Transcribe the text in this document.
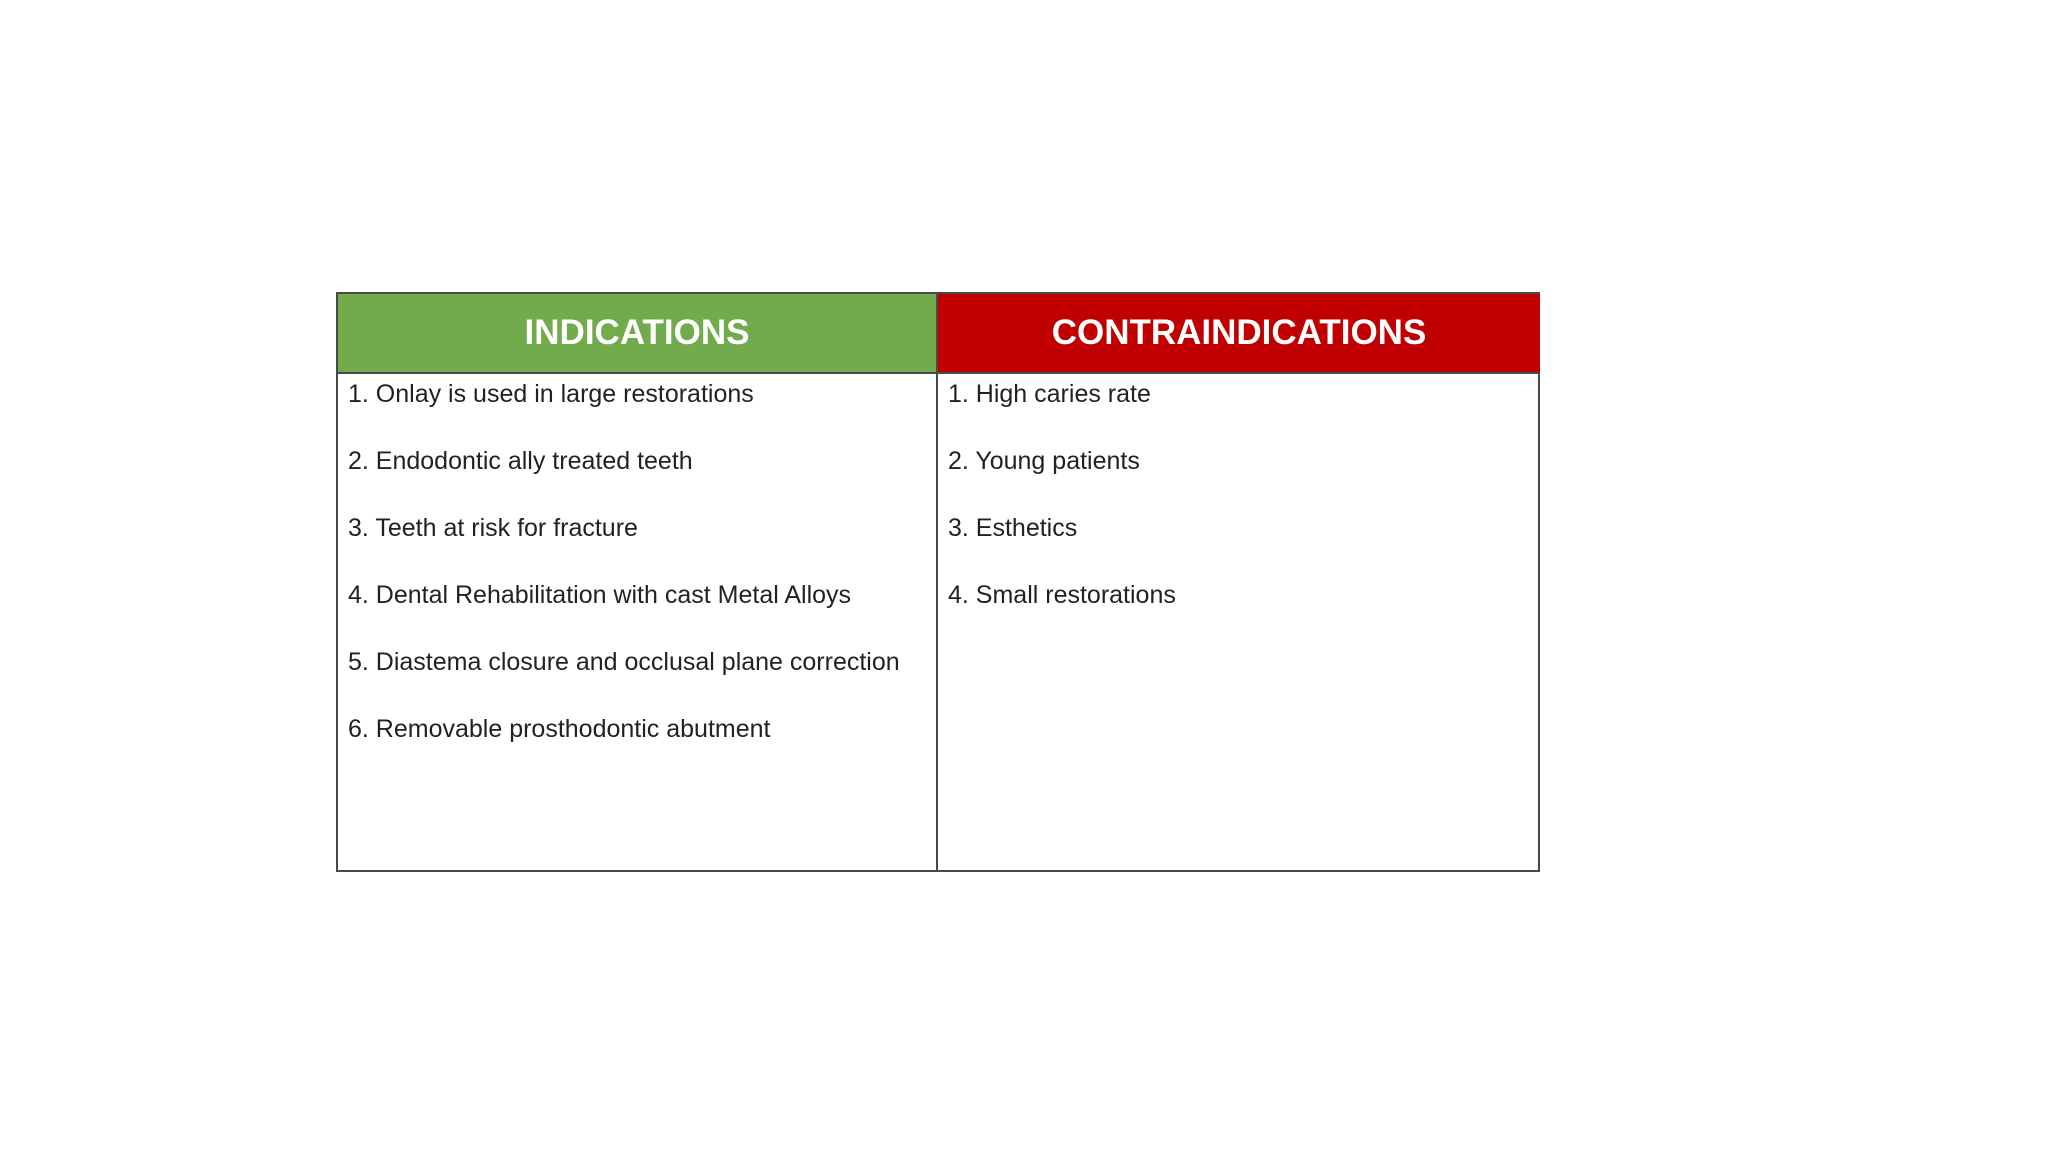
INDICATIONS	CONTRAINDICATIONS
1. Onlay is used in large restorations
2. Endodontic ally treated teeth
3. Teeth at risk for fracture
4. Dental Rehabilitation with cast Metal Alloys
5. Diastema closure and occlusal plane correction
6. Removable prosthodontic abutment
1. High caries rate
2. Young patients
3. Esthetics
4. Small restorations
